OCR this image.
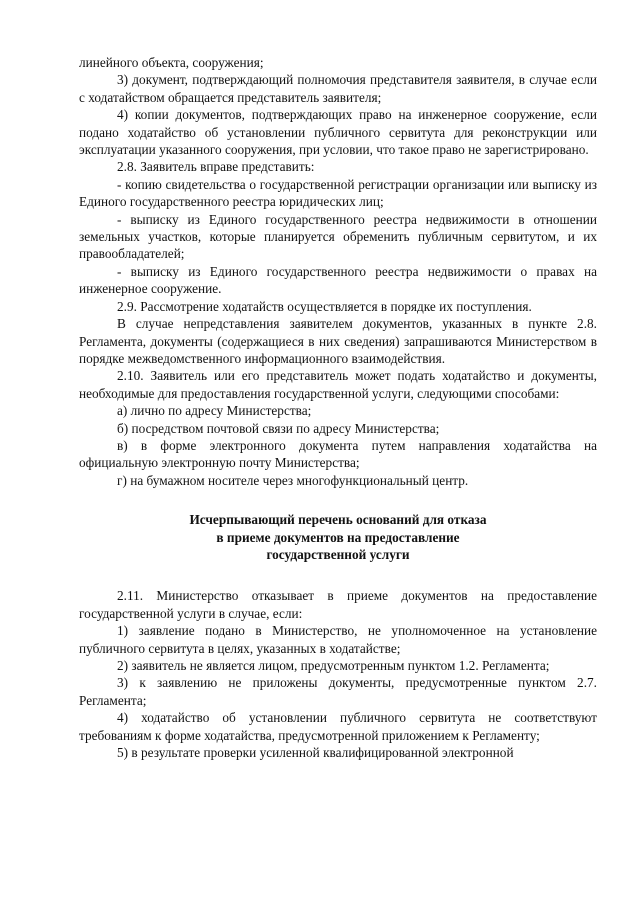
линейного объекта, сооружения;

3) документ, подтверждающий полномочия представителя заявителя, в случае если с ходатайством обращается представитель заявителя;

4) копии документов, подтверждающих право на инженерное сооружение, если подано ходатайство об установлении публичного сервитута для реконструкции или эксплуатации указанного сооружения, при условии, что такое право не зарегистрировано.

2.8. Заявитель вправе представить:

- копию свидетельства о государственной регистрации организации или выписку из Единого государственного реестра юридических лиц;

- выписку из Единого государственного реестра недвижимости в отношении земельных участков, которые планируется обременить публичным сервитутом, и их правообладателей;

- выписку из Единого государственного реестра недвижимости о правах на инженерное сооружение.

2.9. Рассмотрение ходатайств осуществляется в порядке их поступления.

В случае непредставления заявителем документов, указанных в пункте 2.8. Регламента, документы (содержащиеся в них сведения) запрашиваются Министерством в порядке межведомственного информационного взаимодействия.

2.10. Заявитель или его представитель может подать ходатайство и документы, необходимые для предоставления государственной услуги, следующими способами:

а) лично по адресу Министерства;

б) посредством почтовой связи по адресу Министерства;

в) в форме электронного документа путем направления ходатайства на официальную электронную почту Министерства;

г) на бумажном носителе через многофункциональный центр.

Исчерпывающий перечень оснований для отказа
в приеме документов на предоставление
государственной услуги

2.11. Министерство отказывает в приеме документов на предоставление государственной услуги в случае, если:

1) заявление подано в Министерство, не уполномоченное на установление публичного сервитута в целях, указанных в ходатайстве;

2) заявитель не является лицом, предусмотренным пунктом 1.2. Регламента;

3) к заявлению не приложены документы, предусмотренные пунктом 2.7. Регламента;

4) ходатайство об установлении публичного сервитута не соответствуют требованиям к форме ходатайства, предусмотренной приложением к Регламенту;

5) в результате проверки усиленной квалифицированной электронной
